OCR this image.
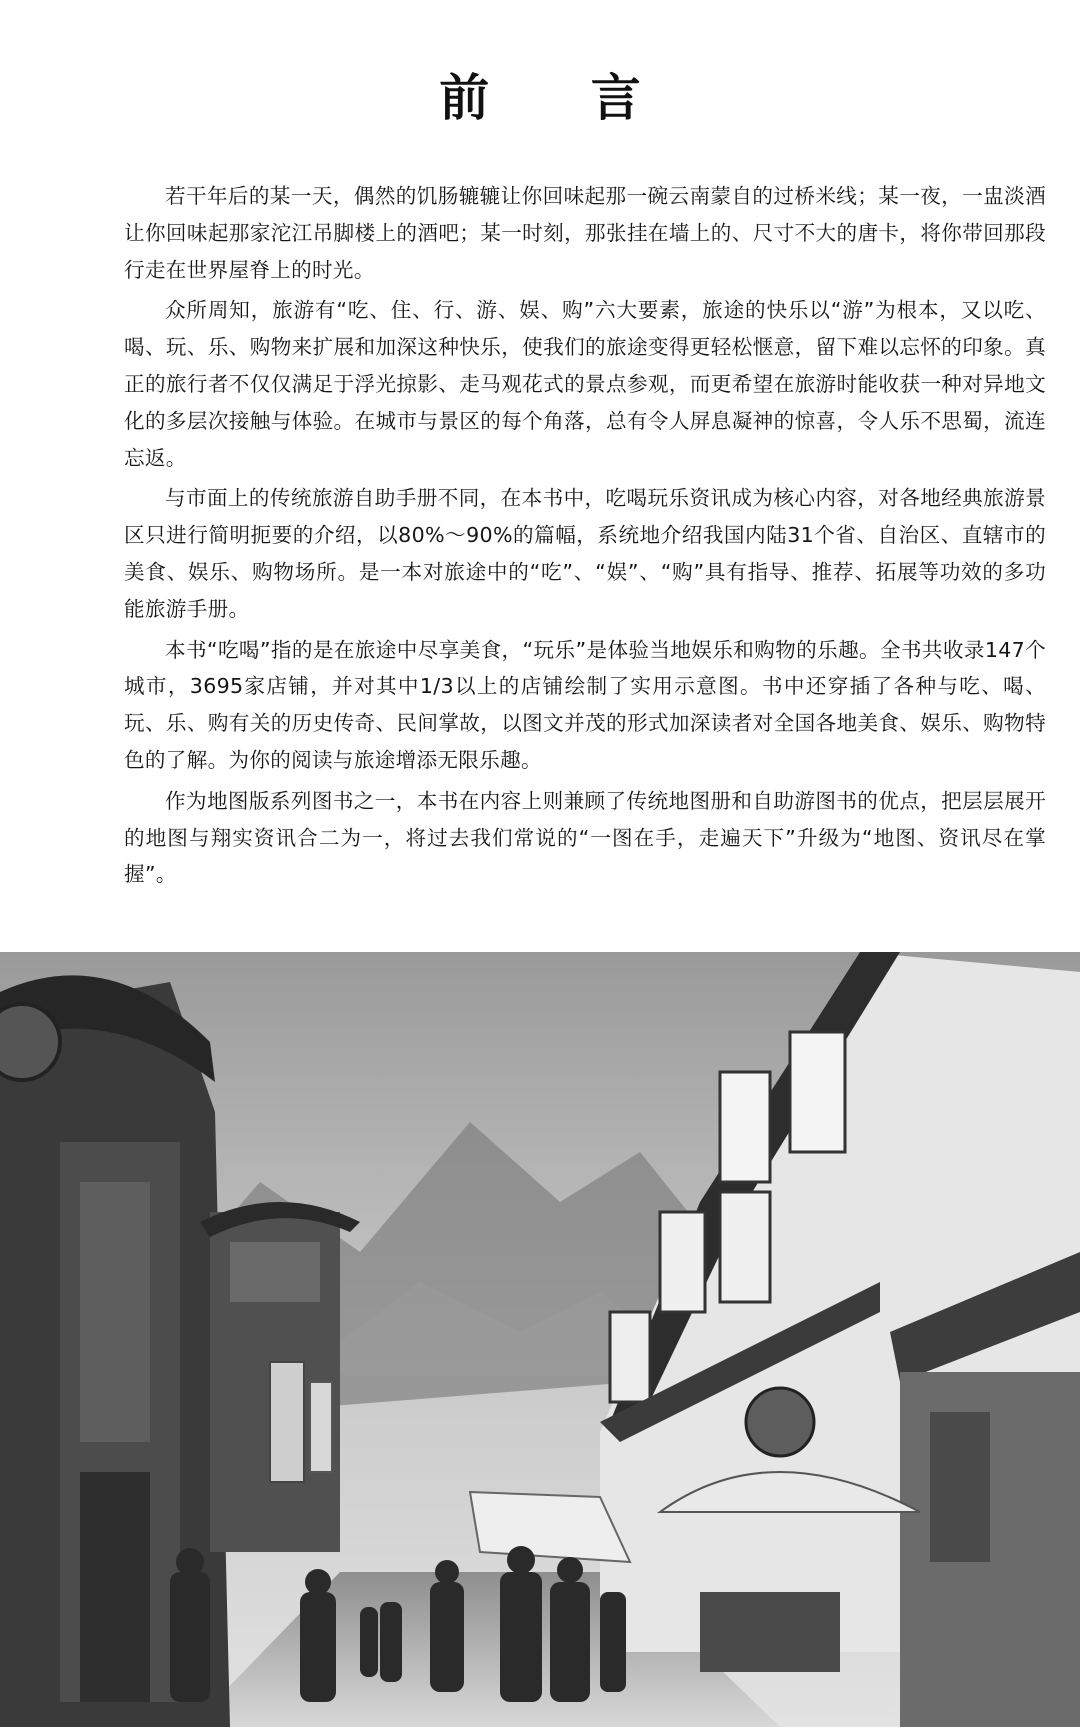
前 言

若干年后的某一天，偶然的饥肠辘辘让你回味起那一碗云南蒙自的过桥米线；某一夜，一盅淡酒让你回味起那家沱江吊脚楼上的酒吧；某一时刻，那张挂在墙上的、尺寸不大的唐卡，将你带回那段行走在世界屋脊上的时光。

众所周知，旅游有“吃、住、行、游、娱、购”六大要素，旅途的快乐以“游”为根本，又以吃、喝、玩、乐、购物来扩展和加深这种快乐，使我们的旅途变得更轻松惬意，留下难以忘怀的印象。真正的旅行者不仅仅满足于浮光掠影、走马观花式的景点参观，而更希望在旅游时能收获一种对异地文化的多层次接触与体验。在城市与景区的每个角落，总有令人屏息凝神的惊喜，令人乐不思蜀，流连忘返。

与市面上的传统旅游自助手册不同，在本书中，吃喝玩乐资讯成为核心内容，对各地经典旅游景区只进行简明扼要的介绍，以80%～90%的篇幅，系统地介绍我国内陆31个省、自治区、直辖市的美食、娱乐、购物场所。是一本对旅途中的“吃”、“娱”、“购”具有指导、推荐、拓展等功效的多功能旅游手册。

本书“吃喝”指的是在旅途中尽享美食，“玩乐”是体验当地娱乐和购物的乐趣。全书共收录147个城市，3695家店铺，并对其中1/3以上的店铺绘制了实用示意图。书中还穿插了各种与吃、喝、玩、乐、购有关的历史传奇、民间掌故，以图文并茂的形式加深读者对全国各地美食、娱乐、购物特色的了解。为你的阅读与旅途增添无限乐趣。

作为地图版系列图书之一，本书在内容上则兼顾了传统地图册和自助游图书的优点，把层层展开的地图与翔实资讯合二为一，将过去我们常说的“一图在手，走遍天下”升级为“地图、资讯尽在掌握”。
